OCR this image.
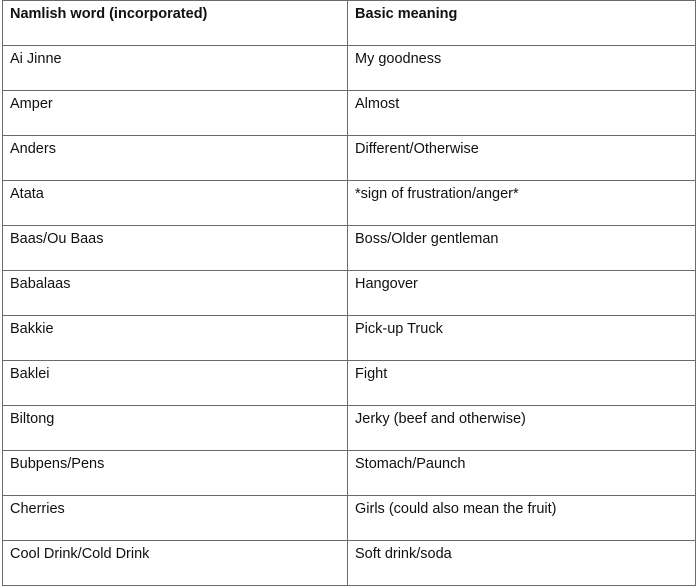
Namlish word (incorporated)	Basic meaning
Ai Jinne	My goodness
Amper	Almost
Anders	Different/Otherwise
Atata	*sign of frustration/anger*
Baas/Ou Baas	Boss/Older gentleman
Babalaas	Hangover
Bakkie	Pick-up Truck
Baklei	Fight
Biltong	Jerky (beef and otherwise)
Bubpens/Pens	Stomach/Paunch
Cherries	Girls (could also mean the fruit)
Cool Drink/Cold Drink	Soft drink/soda
